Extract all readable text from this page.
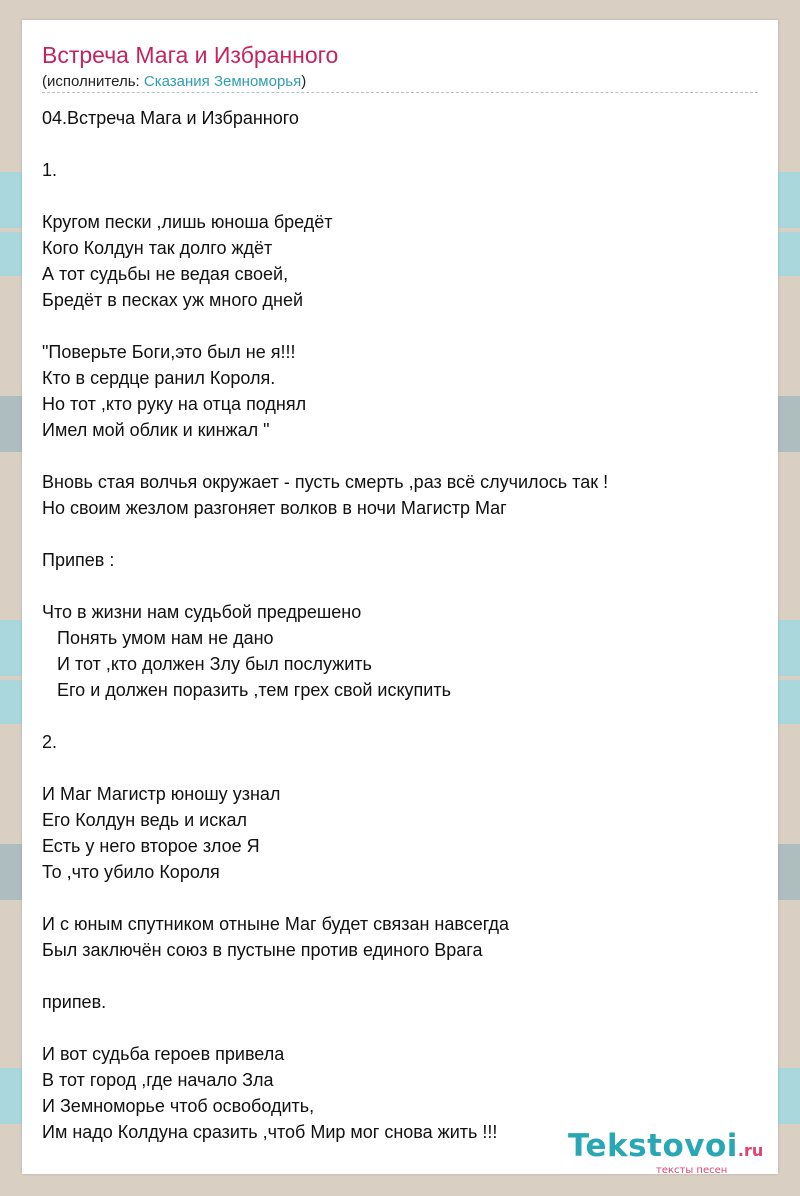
Встреча Мага и Избранного
(исполнитель: Сказания Земноморья)
04.Встреча Мага и Избранного
1.
Кругом пески ,лишь юноша бредёт
Кого Колдун так долго ждёт
А тот судьбы не ведая своей,
Бредёт в песках уж много дней
"Поверьте Боги,это был не я!!!
Кто в сердце ранил Короля.
Но тот ,кто руку на отца поднял
Имел мой облик и кинжал "
Вновь стая волчья окружает - пусть смерть ,раз всё случилось так !
Но своим жезлом разгоняет волков в ночи Магистр Маг
Припев :
Что в жизни нам судьбой предрешено
Понять умом нам не дано
И тот ,кто должен Злу был послужить
Его и должен поразить ,тем грех свой искупить
2.
И Маг Магистр юношу узнал
Его Колдун ведь и искал
Есть у него второе злое Я
То ,что убило Короля
И с юным спутником отныне Маг будет связан навсегда
Был заключён союз в пустыне против единого Врага
припев.
И вот судьба героев привела
В тот город ,где начало Зла
И Земноморье чтоб освободить,
Им надо Колдуна сразить ,чтоб Мир мог снова жить !!!	Tekstovoi.ru
тексты песен
